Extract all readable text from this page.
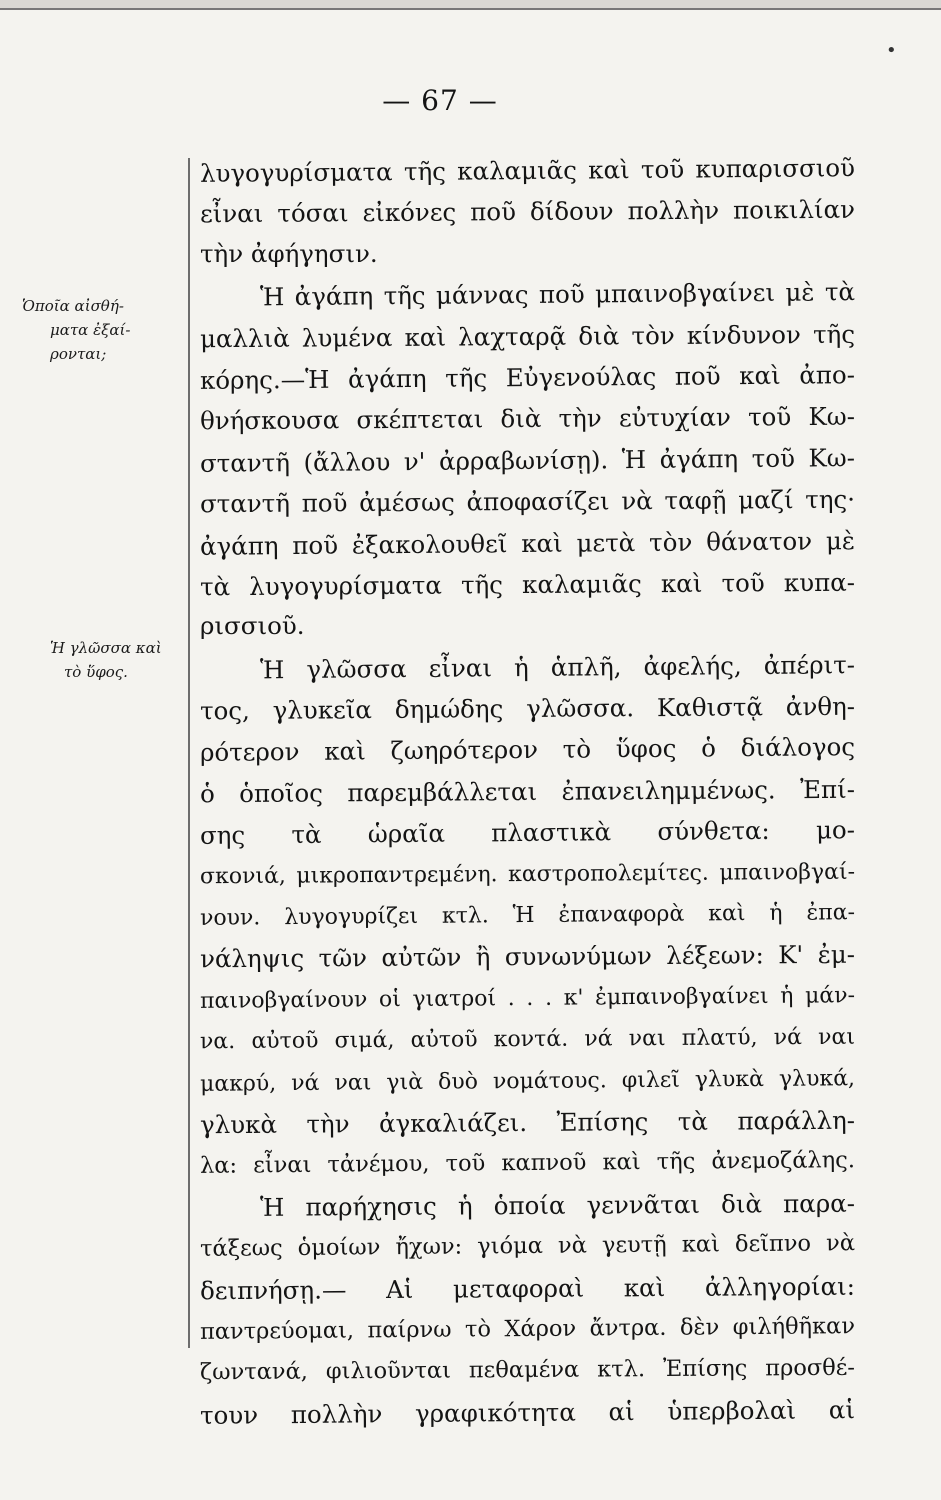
•
— 67 —
Ὁποῖα αἰσθή-
ματα ἐξαί-
ρονται;
Ἡ γλῶσσα καὶ
τὸ ὕφος.
λυγογυρίσματα τῆς καλαμιᾶς καὶ τοῦ κυπαρισσιοῦ
εἶναι τόσαι εἰκόνες ποῦ δίδουν πολλὴν ποικιλίαν
τὴν ἀφήγησιν.
Ἡ ἀγάπη τῆς μάννας ποῦ μπαινοβγαίνει μὲ τὰ
μαλλιὰ λυμένα καὶ λαχταρᾷ διὰ τὸν κίνδυνον τῆς
κόρης.—Ἡ ἀγάπη τῆς Εὐγενούλας ποῦ καὶ ἀπο-
θνήσκουσα σκέπτεται διὰ τὴν εὐτυχίαν τοῦ Κω-
σταντῆ (ἄλλου ν' ἀρραβωνίσῃ). Ἡ ἀγάπη τοῦ Κω-
σταντῆ ποῦ ἀμέσως ἀποφασίζει νὰ ταφῇ μαζί της·
ἀγάπη ποῦ ἐξακολουθεῖ καὶ μετὰ τὸν θάνατον μὲ
τὰ λυγογυρίσματα τῆς καλαμιᾶς καὶ τοῦ κυπα-
ρισσιοῦ.
Ἡ γλῶσσα εἶναι ἡ ἁπλῆ, ἀφελής, ἀπέριτ-
τος, γλυκεῖα δημώδης γλῶσσα. Καθιστᾷ ἀνθη-
ρότερον καὶ ζωηρότερον τὸ ὕφος ὁ διάλογος
ὁ ὁποῖος παρεμβάλλεται ἐπανειλημμένως. Ἐπί-
σης τὰ ὡραῖα πλαστικὰ σύνθετα: μο-
σκονιά, μικροπαντρεμένη. καστροπολεμίτες. μπαινοβγαί-
νουν. λυγογυρίζει κτλ. Ἡ ἐπαναφορὰ καὶ ἡ ἐπα-
νάληψις τῶν αὐτῶν ἢ συνωνύμων λέξεων: Κ' ἐμ-
παινοβγαίνουν οἱ γιατροί . . . κ' ἐμπαινοβγαίνει ἡ μάν-
να. αὐτοῦ σιμά, αὐτοῦ κοντά. νά ναι πλατύ, νά ναι
μακρύ, νά ναι γιὰ δυὸ νομάτους. φιλεῖ γλυκὰ γλυκά,
γλυκὰ τὴν ἀγκαλιάζει. Ἐπίσης τὰ παράλλη-
λα: εἶναι τἀνέμου, τοῦ καπνοῦ καὶ τῆς ἀνεμοζάλης.
Ἡ παρήχησις ἡ ὁποία γεννᾶται διὰ παρα-
τάξεως ὁμοίων ἤχων: γιόμα νὰ γευτῇ καὶ δεῖπνο νὰ
δειπνήσῃ.— Αἱ μεταφοραὶ καὶ ἀλληγορίαι:
παντρεύομαι, παίρνω τὸ Χάρον ἄντρα. δὲν φιλήθῆκαν
ζωντανά, φιλιοῦνται πεθαμένα κτλ. Ἐπίσης προσθέ-
τουν πολλὴν γραφικότητα αἱ ὑπερβολαὶ αἱ
